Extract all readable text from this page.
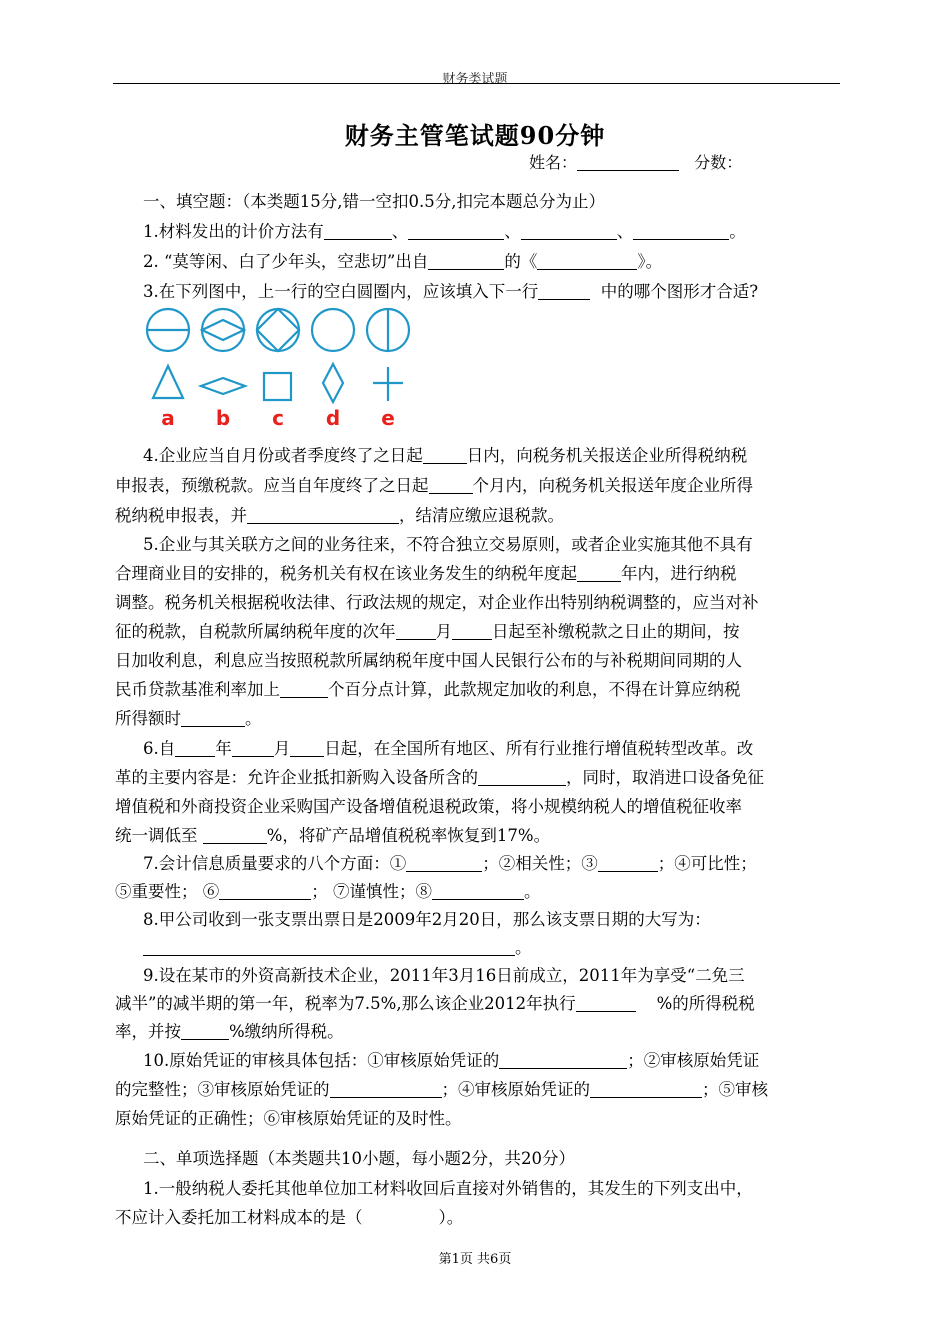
财务类试题
财务主管笔试题90分钟
姓名：	分数：
一、填空题：（本类题15分,错一空扣0.5分,扣完本题总分为止）
1.材料发出的计价方法有	、	、	、	。
2. “莫等闲、白了少年头，空悲切”出自	的《	》。
3.在下列图中，上一行的空白圆圈内，应该填入下一行	中的哪个图形才合适?
a b c d e
4.企业应当自月份或者季度终了之日起	日内，向税务机关报送企业所得税纳税
申报表，预缴税款。应当自年度终了之日起	个月内，向税务机关报送年度企业所得
税纳税申报表，并	，结清应缴应退税款。
5.企业与其关联方之间的业务往来，不符合独立交易原则，或者企业实施其他不具有
合理商业目的安排的，税务机关有权在该业务发生的纳税年度起	年内，进行纳税
调整。税务机关根据税收法律、行政法规的规定，对企业作出特别纳税调整的，应当对补
征的税款，自税款所属纳税年度的次年 月 日起至补缴税款之日止的期间，按
日加收利息，利息应当按照税款所属纳税年度中国人民银行公布的与补税期间同期的人
民币贷款基准利率加上	个百分点计算，此款规定加收的利息，不得在计算应纳税
所得额时	。
6.自 年	月 日起，在全国所有地区、所有行业推行增值税转型改革。改
革的主要内容是：允许企业抵扣新购入设备所含的	，同时，取消进口设备免征
增值税和外商投资企业采购国产设备增值税退税政策，将小规模纳税人的增值税征收率
统一调低至	%，将矿产品增值税税率恢复到17%。
7.会计信息质量要求的八个方面：①	；②相关性；③	；④可比性；
⑤重要性； ⑥	； ⑦谨慎性；⑧	。
8.甲公司收到一张支票出票日是2009年2月20日，那么该支票日期的大写为：
。
9.设在某市的外资高新技术企业，2011年3月16日前成立，2011年为享受“二免三
减半”的减半期的第一年，税率为7.5%,那么该企业2012年执行	%的所得税税
率，并按	%缴纳所得税。
10.原始凭证的审核具体包括：①审核原始凭证的	；②审核原始凭证
的完整性；③审核原始凭证的	；④审核原始凭证的	；⑤审核
原始凭证的正确性；⑥审核原始凭证的及时性。
二、单项选择题（本类题共10小题，每小题2分，共20分）
1.一般纳税人委托其他单位加工材料收回后直接对外销售的，其发生的下列支出中，
不应计入委托加工材料成本的是（	）。
第1页 共6页
